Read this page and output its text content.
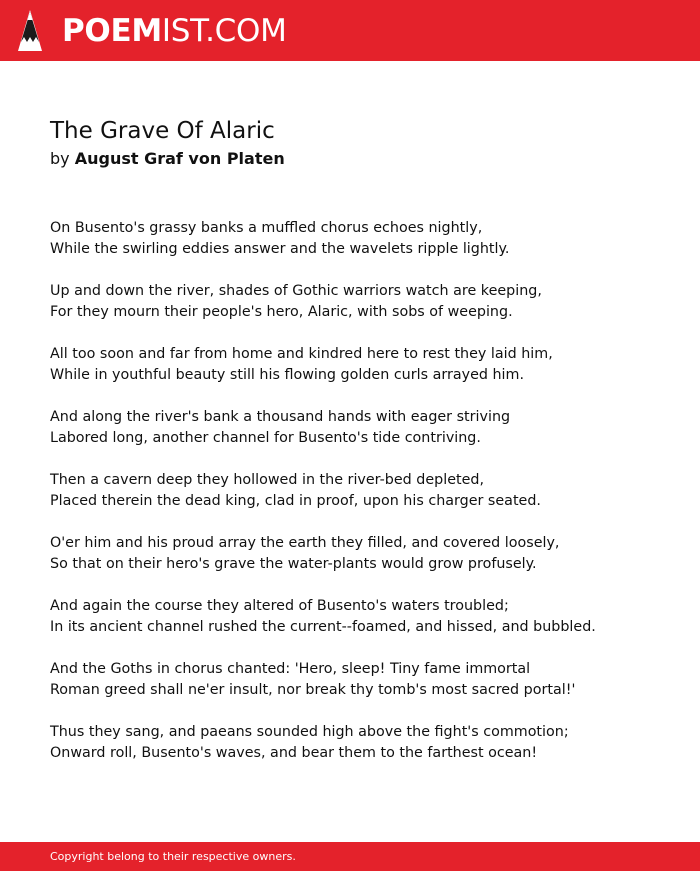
POEMIST.COM
The Grave Of Alaric
by August Graf von Platen

On Busento's grassy banks a muffled chorus echoes nightly,
While the swirling eddies answer and the wavelets ripple lightly.

Up and down the river, shades of Gothic warriors watch are keeping,
For they mourn their people's hero, Alaric, with sobs of weeping.

All too soon and far from home and kindred here to rest they laid him,
While in youthful beauty still his flowing golden curls arrayed him.

And along the river's bank a thousand hands with eager striving
Labored long, another channel for Busento's tide contriving.

Then a cavern deep they hollowed in the river-bed depleted,
Placed therein the dead king, clad in proof, upon his charger seated.

O'er him and his proud array the earth they filled, and covered loosely,
So that on their hero's grave the water-plants would grow profusely.

And again the course they altered of Busento's waters troubled;
In its ancient channel rushed the current--foamed, and hissed, and bubbled.

And the Goths in chorus chanted: 'Hero, sleep! Tiny fame immortal
Roman greed shall ne'er insult, nor break thy tomb's most sacred portal!'

Thus they sang, and paeans sounded high above the fight's commotion;
Onward roll, Busento's waves, and bear them to the farthest ocean!

Copyright belong to their respective owners.
